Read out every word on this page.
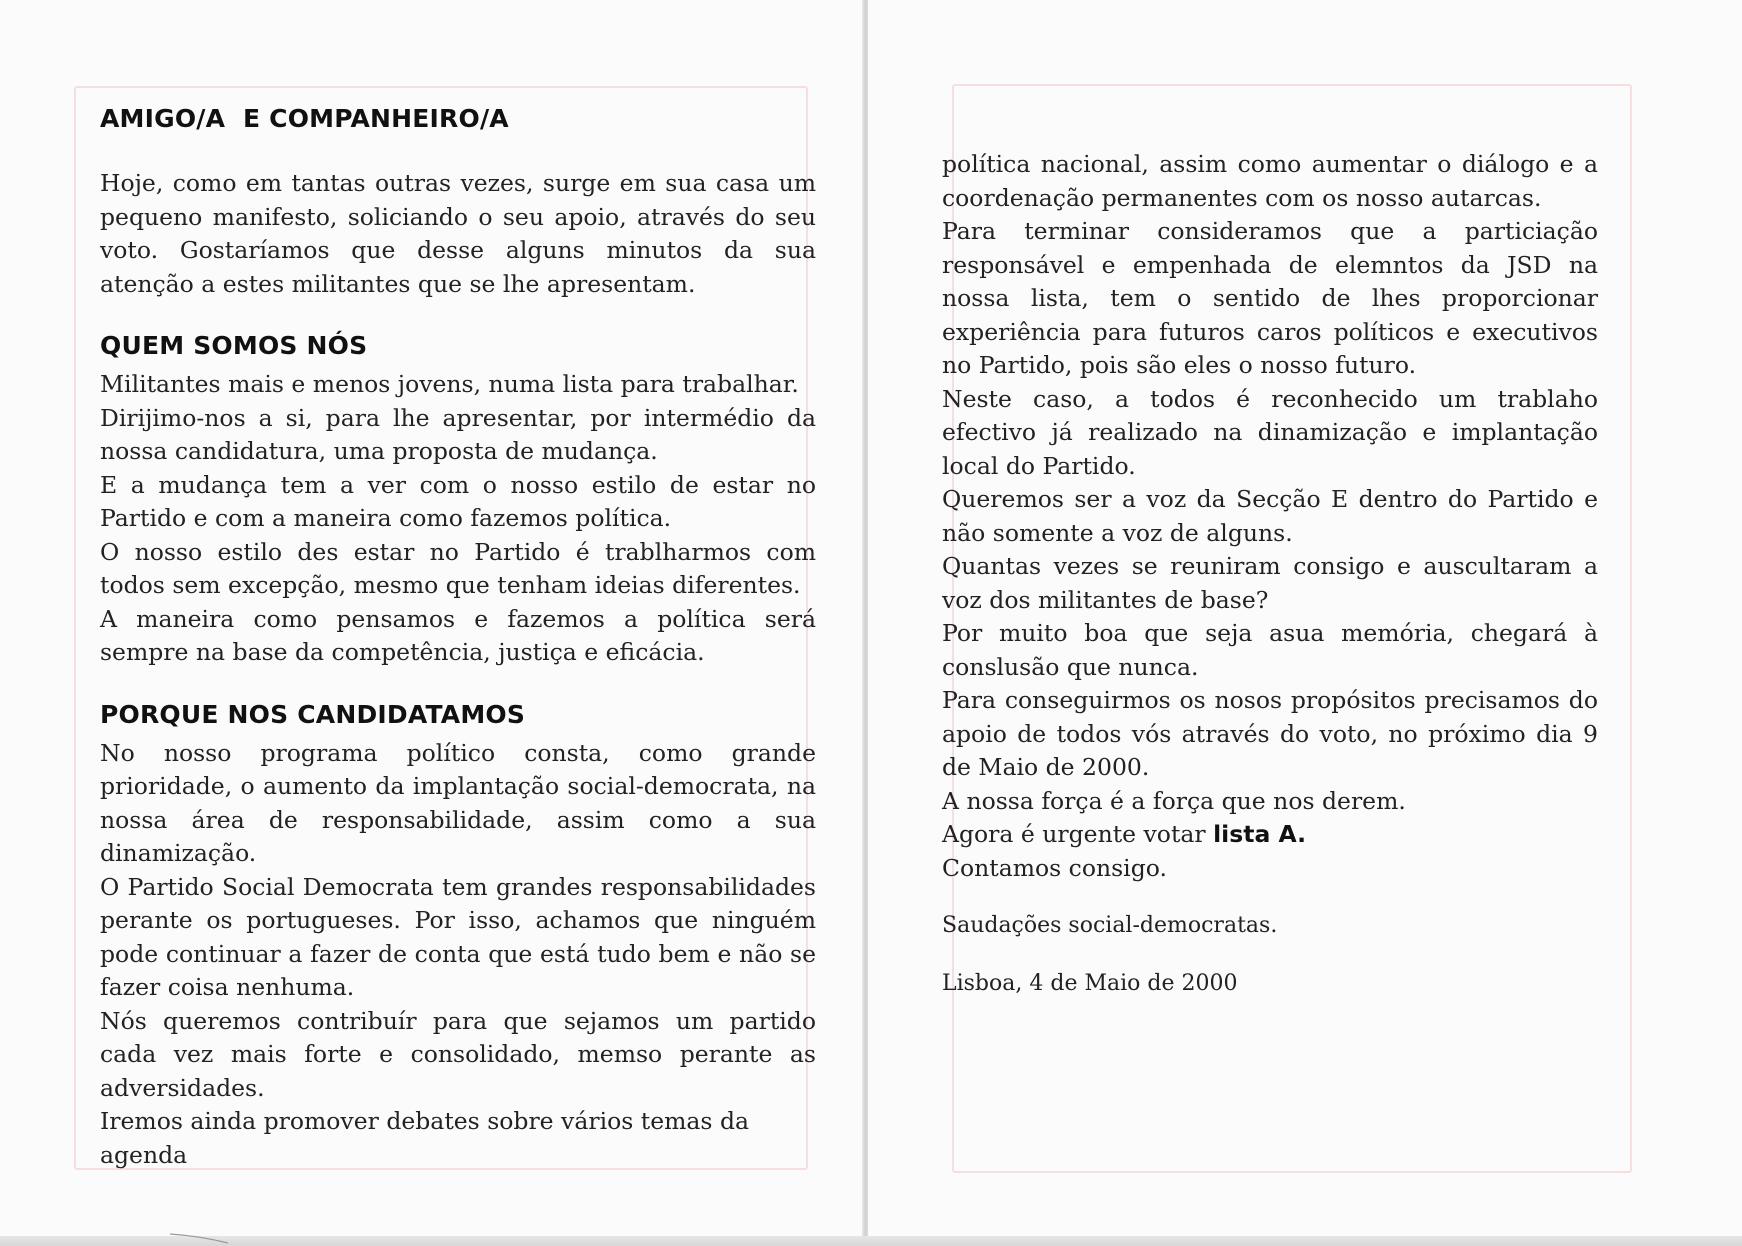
AMIGO/A  E COMPANHEIRO/A

Hoje, como em tantas outras vezes, surge em sua casa um pequeno manifesto, soliciando o seu apoio, através do seu voto. Gostaríamos que desse alguns minutos da sua atenção a estes militantes que se lhe apresentam.

QUEM SOMOS NÓS

Militantes mais e menos jovens, numa lista para trabalhar.

Dirijimo-nos a si, para lhe apresentar, por intermédio da nossa candidatura, uma proposta de mudança.

E a mudança tem a ver com o nosso estilo de estar no Partido e com a maneira como fazemos política.

O nosso estilo des estar no Partido é trablharmos com todos sem excepção, mesmo que tenham ideias diferentes.

A maneira como pensamos e fazemos a política será sempre na base da competência, justiça e eficácia.

PORQUE NOS CANDIDATAMOS

No nosso programa político consta, como grande prioridade, o aumento da implantação social-democrata, na nossa área de responsabilidade, assim como a sua dinamização.

O Partido Social Democrata tem grandes responsabilidades perante os portugueses. Por isso, achamos que ninguém pode continuar a fazer de conta que está tudo bem e não se fazer coisa nenhuma.

Nós queremos contribuír para que sejamos um partido cada vez mais forte e consolidado, memso perante as adversidades.

Iremos ainda promover debates sobre vários temas da agenda

política nacional, assim como aumentar o diálogo e a coordenação permanentes com os nosso autarcas.

Para terminar consideramos que a particiação responsável e empenhada de elemntos da JSD na nossa lista, tem o sentido de lhes proporcionar experiência para futuros caros políticos e executivos no Partido, pois são eles o nosso futuro.

Neste caso, a todos é reconhecido um trablaho efectivo já realizado na dinamização e implantação local do Partido.

Queremos ser a voz da Secção E dentro do Partido e não somente a voz de alguns.

Quantas vezes se reuniram consigo e auscultaram a voz dos militantes de base?

Por muito boa que seja asua memória, chegará à conslusão que nunca.

Para conseguirmos os nosos propósitos precisamos do apoio de todos vós através do voto, no próximo dia 9 de Maio de 2000.

A nossa força é a força que nos derem.

Agora é urgente votar lista A.

Contamos consigo.

Saudações social-democratas.

Lisboa, 4 de Maio de 2000
